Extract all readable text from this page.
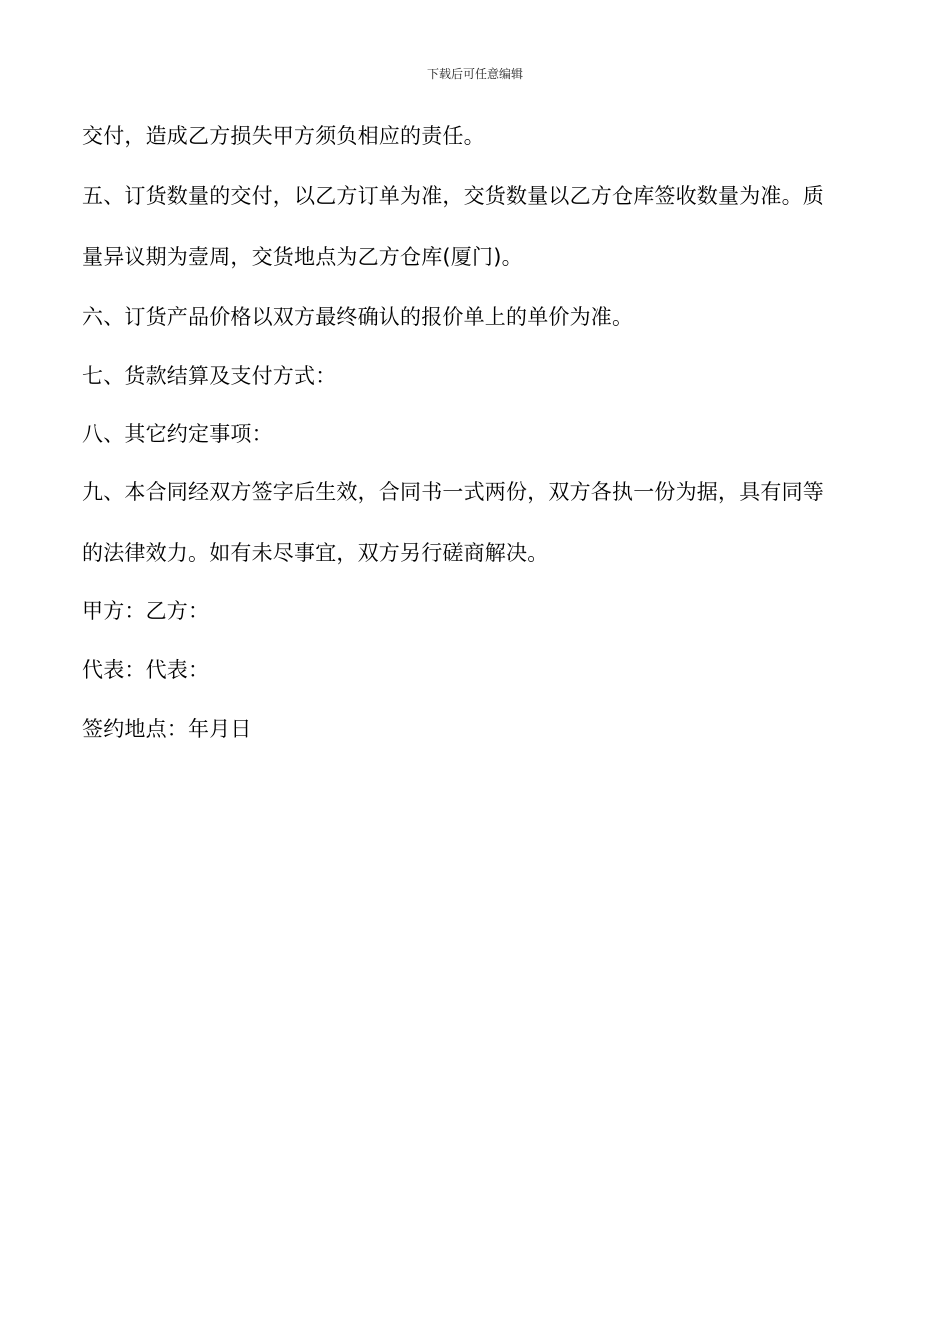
下载后可任意编辑
交付，造成乙方损失甲方须负相应的责任。
五、订货数量的交付，以乙方订单为准，交货数量以乙方仓库签收数量为准。质
量异议期为壹周，交货地点为乙方仓库(厦门)。
六、订货产品价格以双方最终确认的报价单上的单价为准。
七、货款结算及支付方式：
八、其它约定事项：
九、本合同经双方签字后生效，合同书一式两份，双方各执一份为据，具有同等
的法律效力。如有未尽事宜，双方另行磋商解决。
甲方：乙方：
代表：代表：
签约地点：年月日
